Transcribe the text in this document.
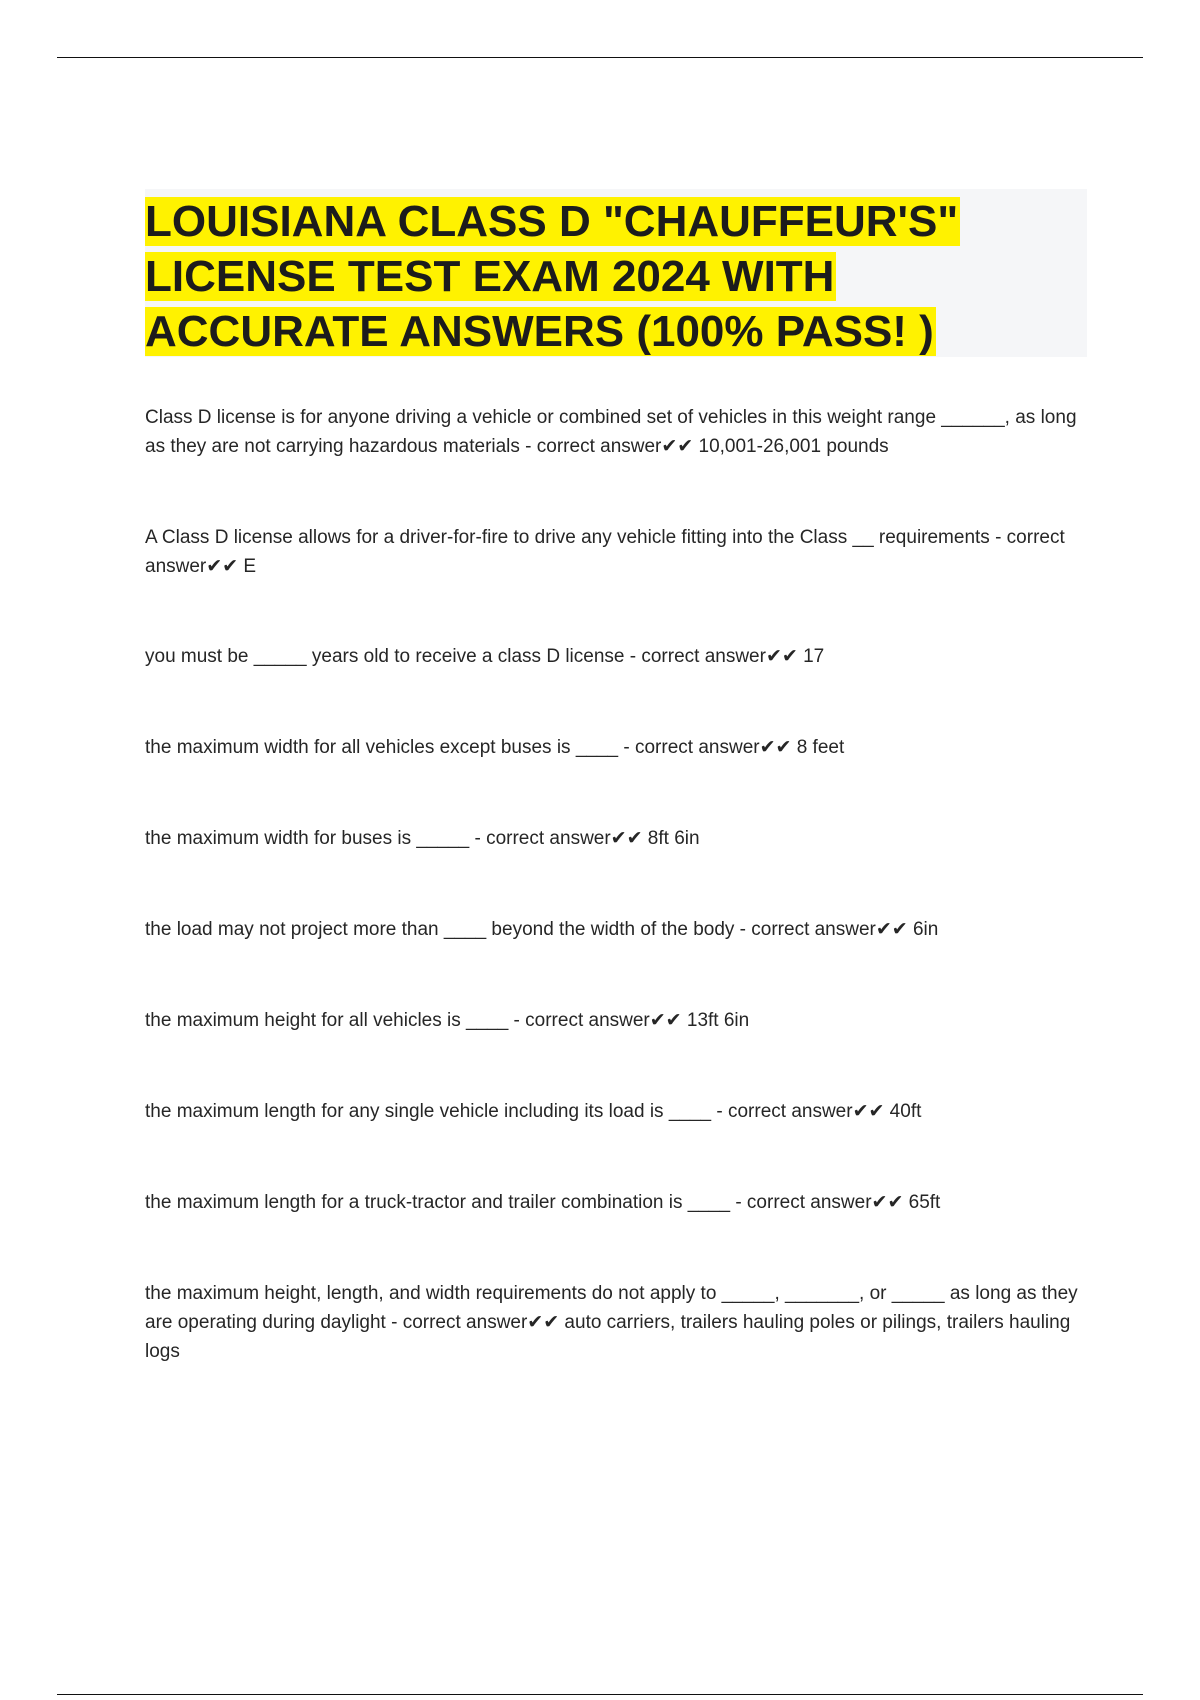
LOUISIANA CLASS D "CHAUFFEUR'S" LICENSE TEST EXAM 2024 WITH ACCURATE ANSWERS (100% PASS! )

Class D license is for anyone driving a vehicle or combined set of vehicles in this weight range ______, as long as they are not carrying hazardous materials - correct answer✔✔ 10,001-26,001 pounds

A Class D license allows for a driver-for-fire to drive any vehicle fitting into the Class __ requirements - correct answer✔✔ E

you must be _____ years old to receive a class D license - correct answer✔✔ 17

the maximum width for all vehicles except buses is ____ - correct answer✔✔ 8 feet

the maximum width for buses is _____ - correct answer✔✔ 8ft 6in

the load may not project more than ____ beyond the width of the body - correct answer✔✔ 6in

the maximum height for all vehicles is ____ - correct answer✔✔ 13ft 6in

the maximum length for any single vehicle including its load is ____ - correct answer✔✔ 40ft

the maximum length for a truck-tractor and trailer combination is ____ - correct answer✔✔ 65ft

the maximum height, length, and width requirements do not apply to _____, _______, or _____ as long as they are operating during daylight - correct answer✔✔ auto carriers, trailers hauling poles or pilings, trailers hauling logs
